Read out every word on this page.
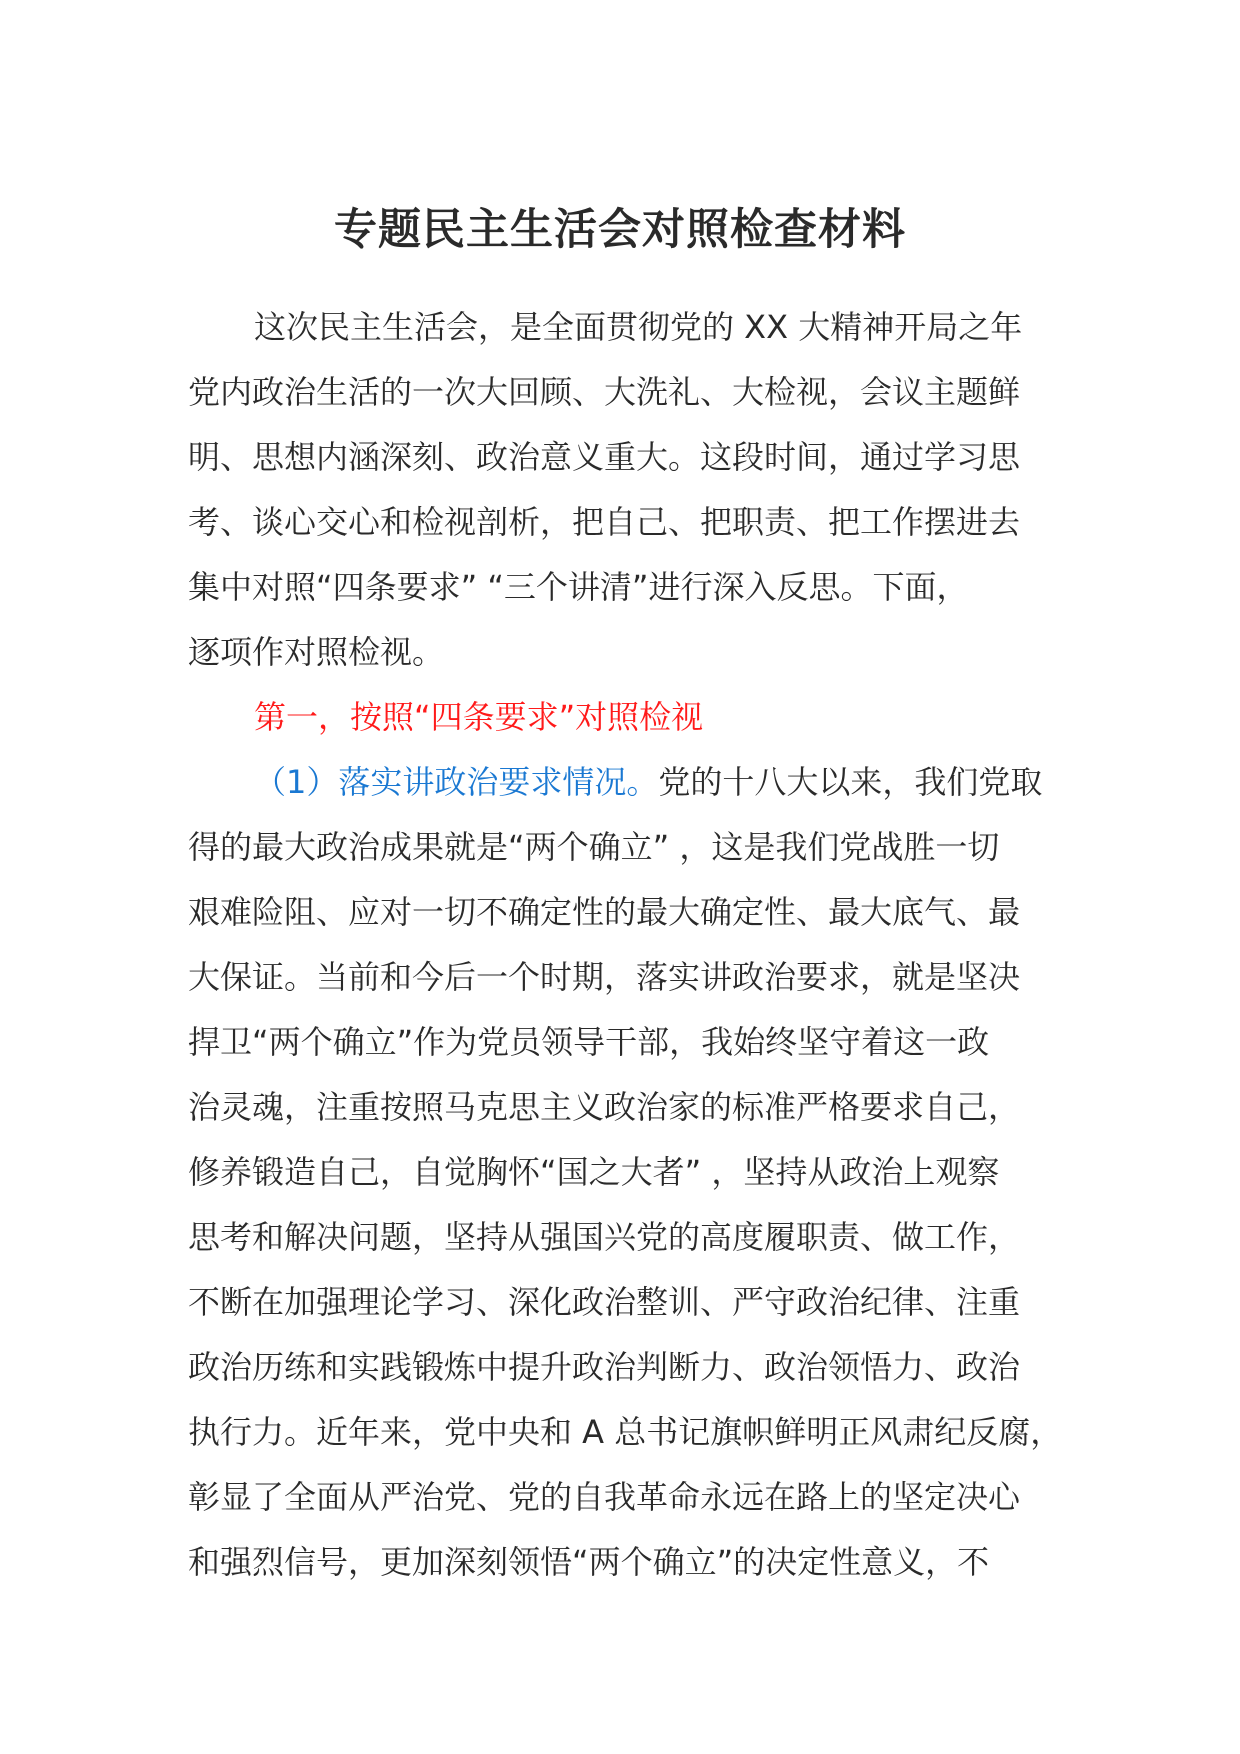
专题民主生活会对照检查材料
这次民主生活会，是全面贯彻党的 XX 大精神开局之年
党内政治生活的一次大回顾、大洗礼、大检视，会议主题鲜
明、思想内涵深刻、政治意义重大。这段时间，通过学习思
考、谈心交心和检视剖析，把自己、把职责、把工作摆进去
集中对照“四条要求” “三个讲清”进行深入反思。下面，
逐项作对照检视。
第一，按照“四条要求”对照检视
（1）落实讲政治要求情况。党的十八大以来，我们党取
得的最大政治成果就是“两个确立” ，这是我们党战胜一切
艰难险阻、应对一切不确定性的最大确定性、最大底气、最
大保证。当前和今后一个时期，落实讲政治要求，就是坚决
捍卫“两个确立”作为党员领导干部，我始终坚守着这一政
治灵魂，注重按照马克思主义政治家的标准严格要求自己，
修养锻造自己，自觉胸怀“国之大者” ，坚持从政治上观察
思考和解决问题，坚持从强国兴党的高度履职责、做工作，
不断在加强理论学习、深化政治整训、严守政治纪律、注重
政治历练和实践锻炼中提升政治判断力、政治领悟力、政治
执行力。近年来，党中央和 A 总书记旗帜鲜明正风肃纪反腐，
彰显了全面从严治党、党的自我革命永远在路上的坚定决心
和强烈信号，更加深刻领悟“两个确立”的决定性意义，不
